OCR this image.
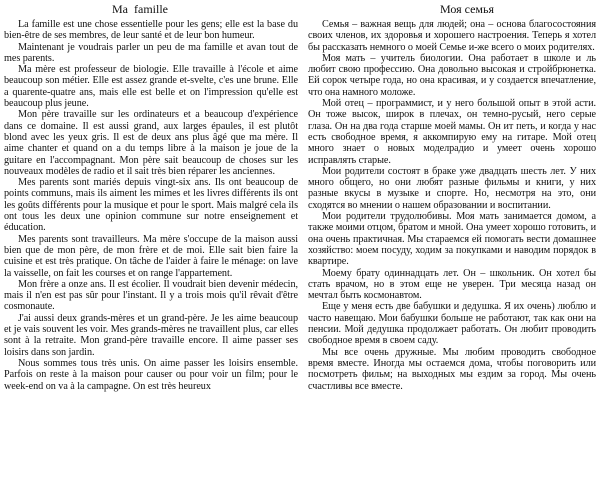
Ma famille

La famille est une chose essentielle pour les gens; elle est la base du bien-être de ses membres, de leur santé et de leur bon humeur.

Maintenant je voudrais parler un peu de ma famille et avan tout de mes parents.

Ma mère est professeur de biologie. Elle travaille à l'école et aime beaucoup son métier. Elle est assez grande et-svelte, c'es une brune. Elle a quarente-quatre ans, mais elle est belle et on l'impression qu'elle est beaucoup plus jeune.

Mon père travaille sur les ordinateurs et a beaucoup d'expérience dans ce domaine. Il est aussi grand, aux larges épaules, il est plutôt blond avec les yeux gris. Il est de deux ans plus âgé que ma mère. Il aime chanter et quand on a du temps libre à la maison je joue de la guitare en l'accompagnant. Mon père sait beaucoup de choses sur les nouveaux modèles de radio et il sait très bien réparer les anciennes.

Mes parents sont mariés depuis vingt-six ans. Ils ont beaucoup de points communs, mais ils aiment les mimes et les livres différents ils ont les goûts différents pour la musique et pour le sport. Mais malgré cela ils ont tous les deux une opinion commune sur notre enseignement et éducation.

Mes parents sont travailleurs. Ma mère s'occupe de la maison aussi bien que de mon père, de mon frère et de moi. Elle sait bien faire la cuisine et est très pratique. On tâche de l'aider à faire le ménage: on lave la vaisselle, on fait les courses et on range l'appartement.

Mon frère a onze ans. Il est écolier. Il voudrait bien devenir médecin, mais il n'en est pas sûr pour l'instant. Il y a trois mois qu'il rêvait d'être cosmonaute.

J'ai aussi deux grands-mères et un grand-père. Je les aime beaucoup et je vais souvent les voir. Mes grands-mères ne travaillent plus, car elles sont à la retraite. Mon grand-père travaille encore. Il aime passer ses loisirs dans son jardin.

Nous sommes tous très unis. On aime passer les loisirs ensemble. Parfois on reste à la maison pour causer ou pour voir un film; pour le week-end on va à la campagne. On est très heureux

Моя семья

Семья – важная вещь для людей; она – основа благосостояния своих членов, их здоровья и хорошего настроения. Теперь я хотел бы рассказать немного о моей Семье и-же всего о моих родителях.

Моя мать – учитель биологии. Она работает в школе и ль любит свою профессию. Она довольно высокая и стройбрюнетка. Ей сорок четыре года, но она красивая, и у создается впечатление, что она намного моложе.

Мой отец – программист, и у него большой опыт в этой асти. Он тоже высок, широк в плечах, он темно-русый, него серые глаза. Он на два года старше моей мамы. Он ит петь, и когда у нас есть свободное время, я аккомпирую ему на гитаре. Мой отец много знает о новых моделрадио и умеет очень хорошо исправлять старые.

Мои родители состоят в браке уже двадцать шесть лет. У них много общего, но они любят разные фильмы и книги, у них разные вкусы в музыке и спорте. Но, несмотря на это, они сходятся во мнении о нашем образовании и воспитании.

Мои родители трудолюбивы. Моя мать занимается домом, а также моими отцом, братом и мной. Она умеет хорошо готовить, и она очень практичная. Мы стараемся ей помогать вести домашнее хозяйство: моем посуду, ходим за покупками и наводим порядок в квартире.

Моему брату одиннадцать лет. Он – школьник. Он хотел бы стать врачом, но в этом еще не уверен. Три месяца назад он мечтал быть космонавтом.

Еще у меня есть две бабушки и дедушка. Я их очень) люблю и часто навещаю. Мои бабушки больше не работают, так как они на пенсии. Мой дедушка продолжает работать. Он любит проводить свободное время в своем саду.

Мы все очень дружные. Мы любим проводить свободное время вместе. Иногда мы остаемся дома, чтобы поговорить или посмотреть фильм; на выходных мы ездим за город. Мы очень счастливы все вместе.
